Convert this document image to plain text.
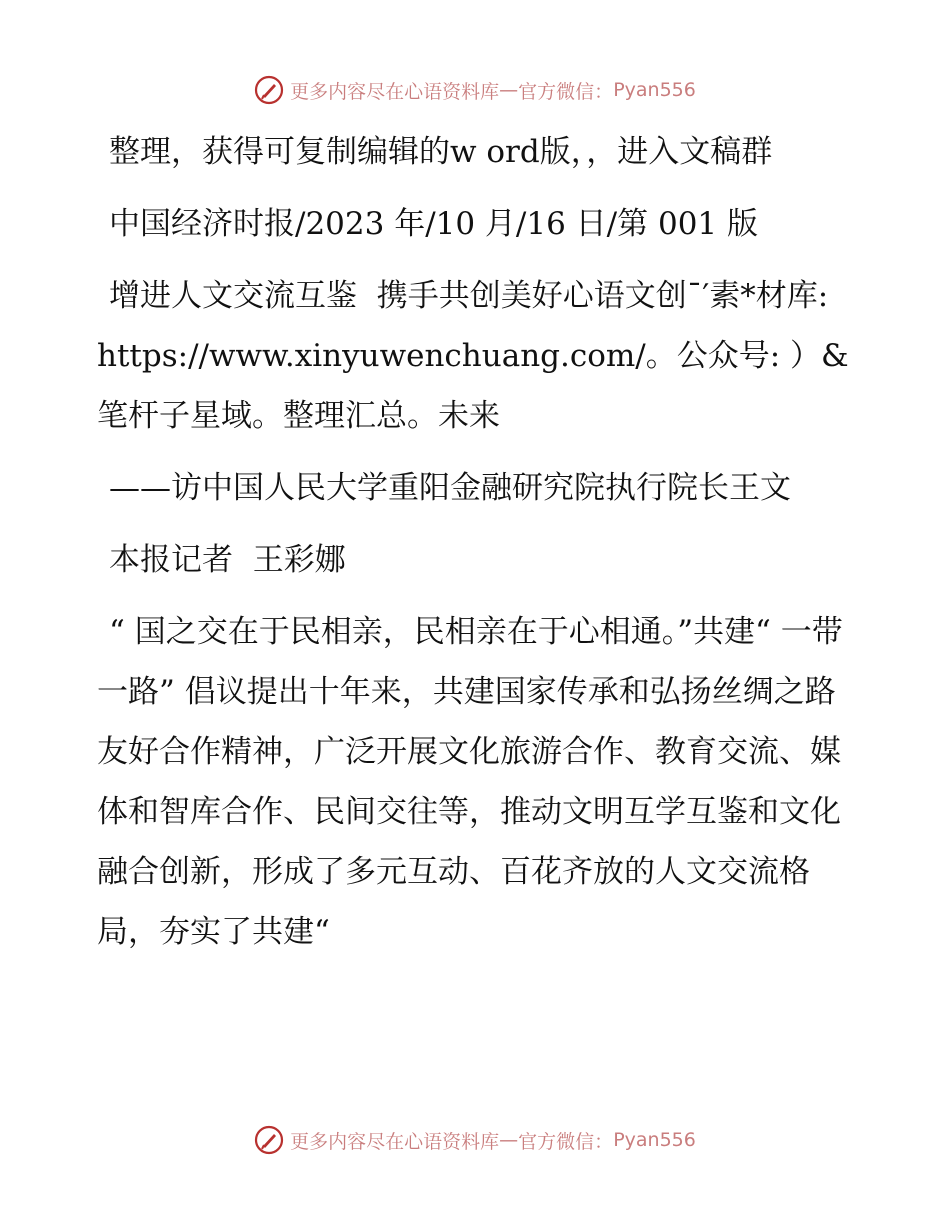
更多内容尽在心语资料库 — 官方微信： Pyan556

整理，获得可复制编辑的w ord版，，进入文稿群

中国经济时报/2023 年/10 月/16 日/第 001 版

增进人文交流互鉴  携手共创美好心语文创¯′素*材库: https://www.xinyuwenchuang.com/。公众号: ）&笔杆子星域。整理汇总。未来

——访中国人民大学重阳金融研究院执行院长王文

本报记者  王彩娜

“ 国之交在于民相亲，民相亲在于心相通。”共建“ 一带一路” 倡议提出十年来，共建国家传承和弘扬丝绸之路友好合作精神，广泛开展文化旅游合作、教育交流、媒体和智库合作、民间交往等，推动文明互学互鉴和文化融合创新，形成了多元互动、百花齐放的人文交流格局，夯实了共建“

更多内容尽在心语资料库 — 官方微信： Pyan556
